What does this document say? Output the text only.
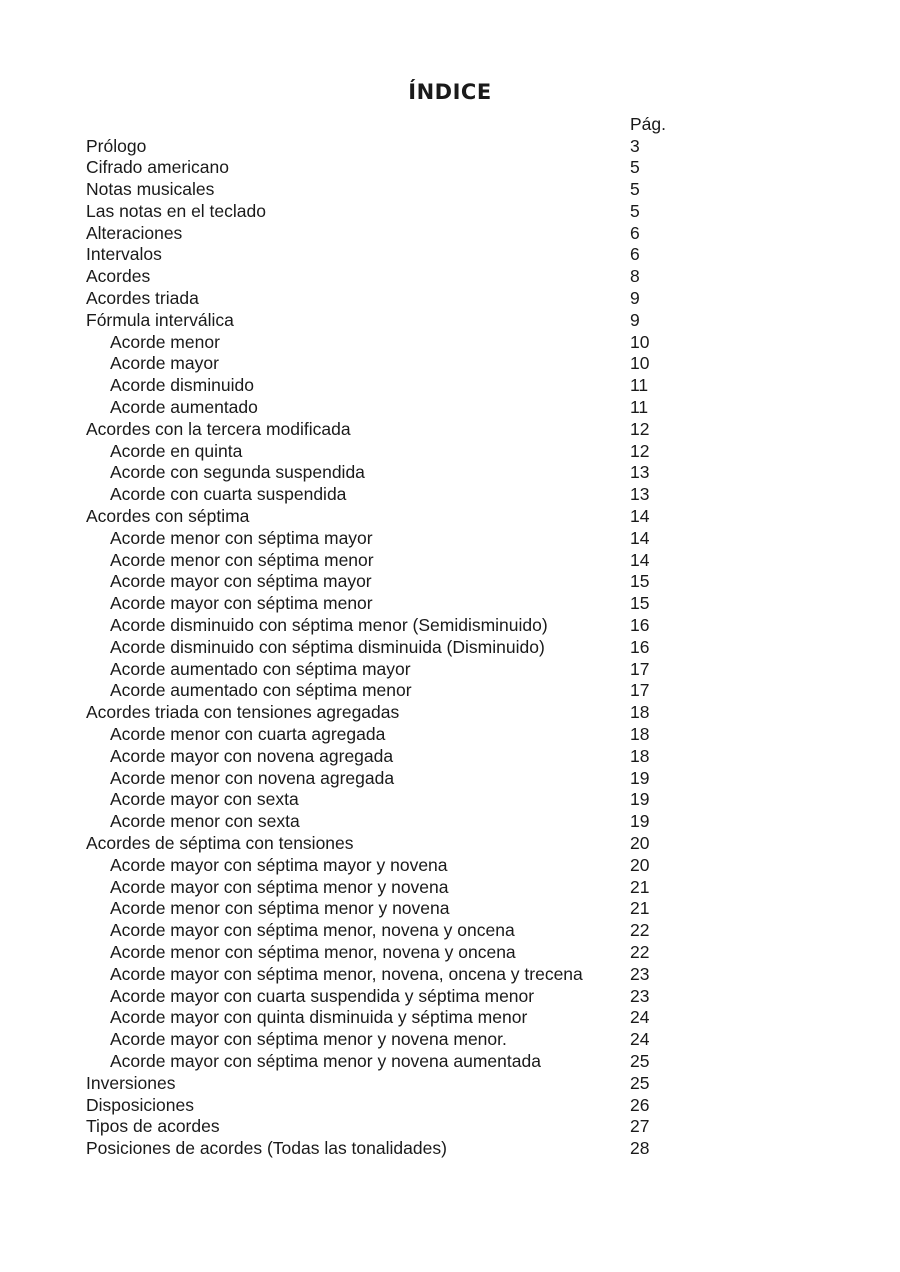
ÍNDICE
Pág.
Prólogo	3
Cifrado americano	5
Notas musicales	5
Las notas en el teclado	5
Alteraciones	6
Intervalos	6
Acordes	8
Acordes triada	9
Fórmula interválica	9
Acorde menor	10
Acorde mayor	10
Acorde disminuido	11
Acorde aumentado	11
Acordes con la tercera modificada	12
Acorde en quinta	12
Acorde con segunda suspendida	13
Acorde con cuarta suspendida	13
Acordes con séptima	14
Acorde menor con séptima mayor	14
Acorde menor con séptima menor	14
Acorde mayor con séptima mayor	15
Acorde mayor con séptima menor	15
Acorde disminuido con séptima menor (Semidisminuido)	16
Acorde disminuido con séptima disminuida (Disminuido)	16
Acorde aumentado con séptima mayor	17
Acorde aumentado con séptima menor	17
Acordes triada con tensiones agregadas	18
Acorde menor con cuarta agregada	18
Acorde mayor con novena agregada	18
Acorde menor con novena agregada	19
Acorde mayor con sexta	19
Acorde menor con sexta	19
Acordes de séptima con tensiones	20
Acorde mayor con séptima mayor y novena	20
Acorde mayor con séptima menor y novena	21
Acorde menor con séptima menor y novena	21
Acorde mayor con séptima menor, novena y oncena	22
Acorde menor con séptima menor, novena y oncena	22
Acorde mayor con séptima menor, novena, oncena y trecena	23
Acorde mayor con cuarta suspendida y séptima menor	23
Acorde mayor con quinta disminuida y séptima menor	24
Acorde mayor con séptima menor y novena menor.	24
Acorde mayor con séptima menor y novena aumentada	25
Inversiones	25
Disposiciones	26
Tipos de acordes	27
Posiciones de acordes (Todas las tonalidades)	28
